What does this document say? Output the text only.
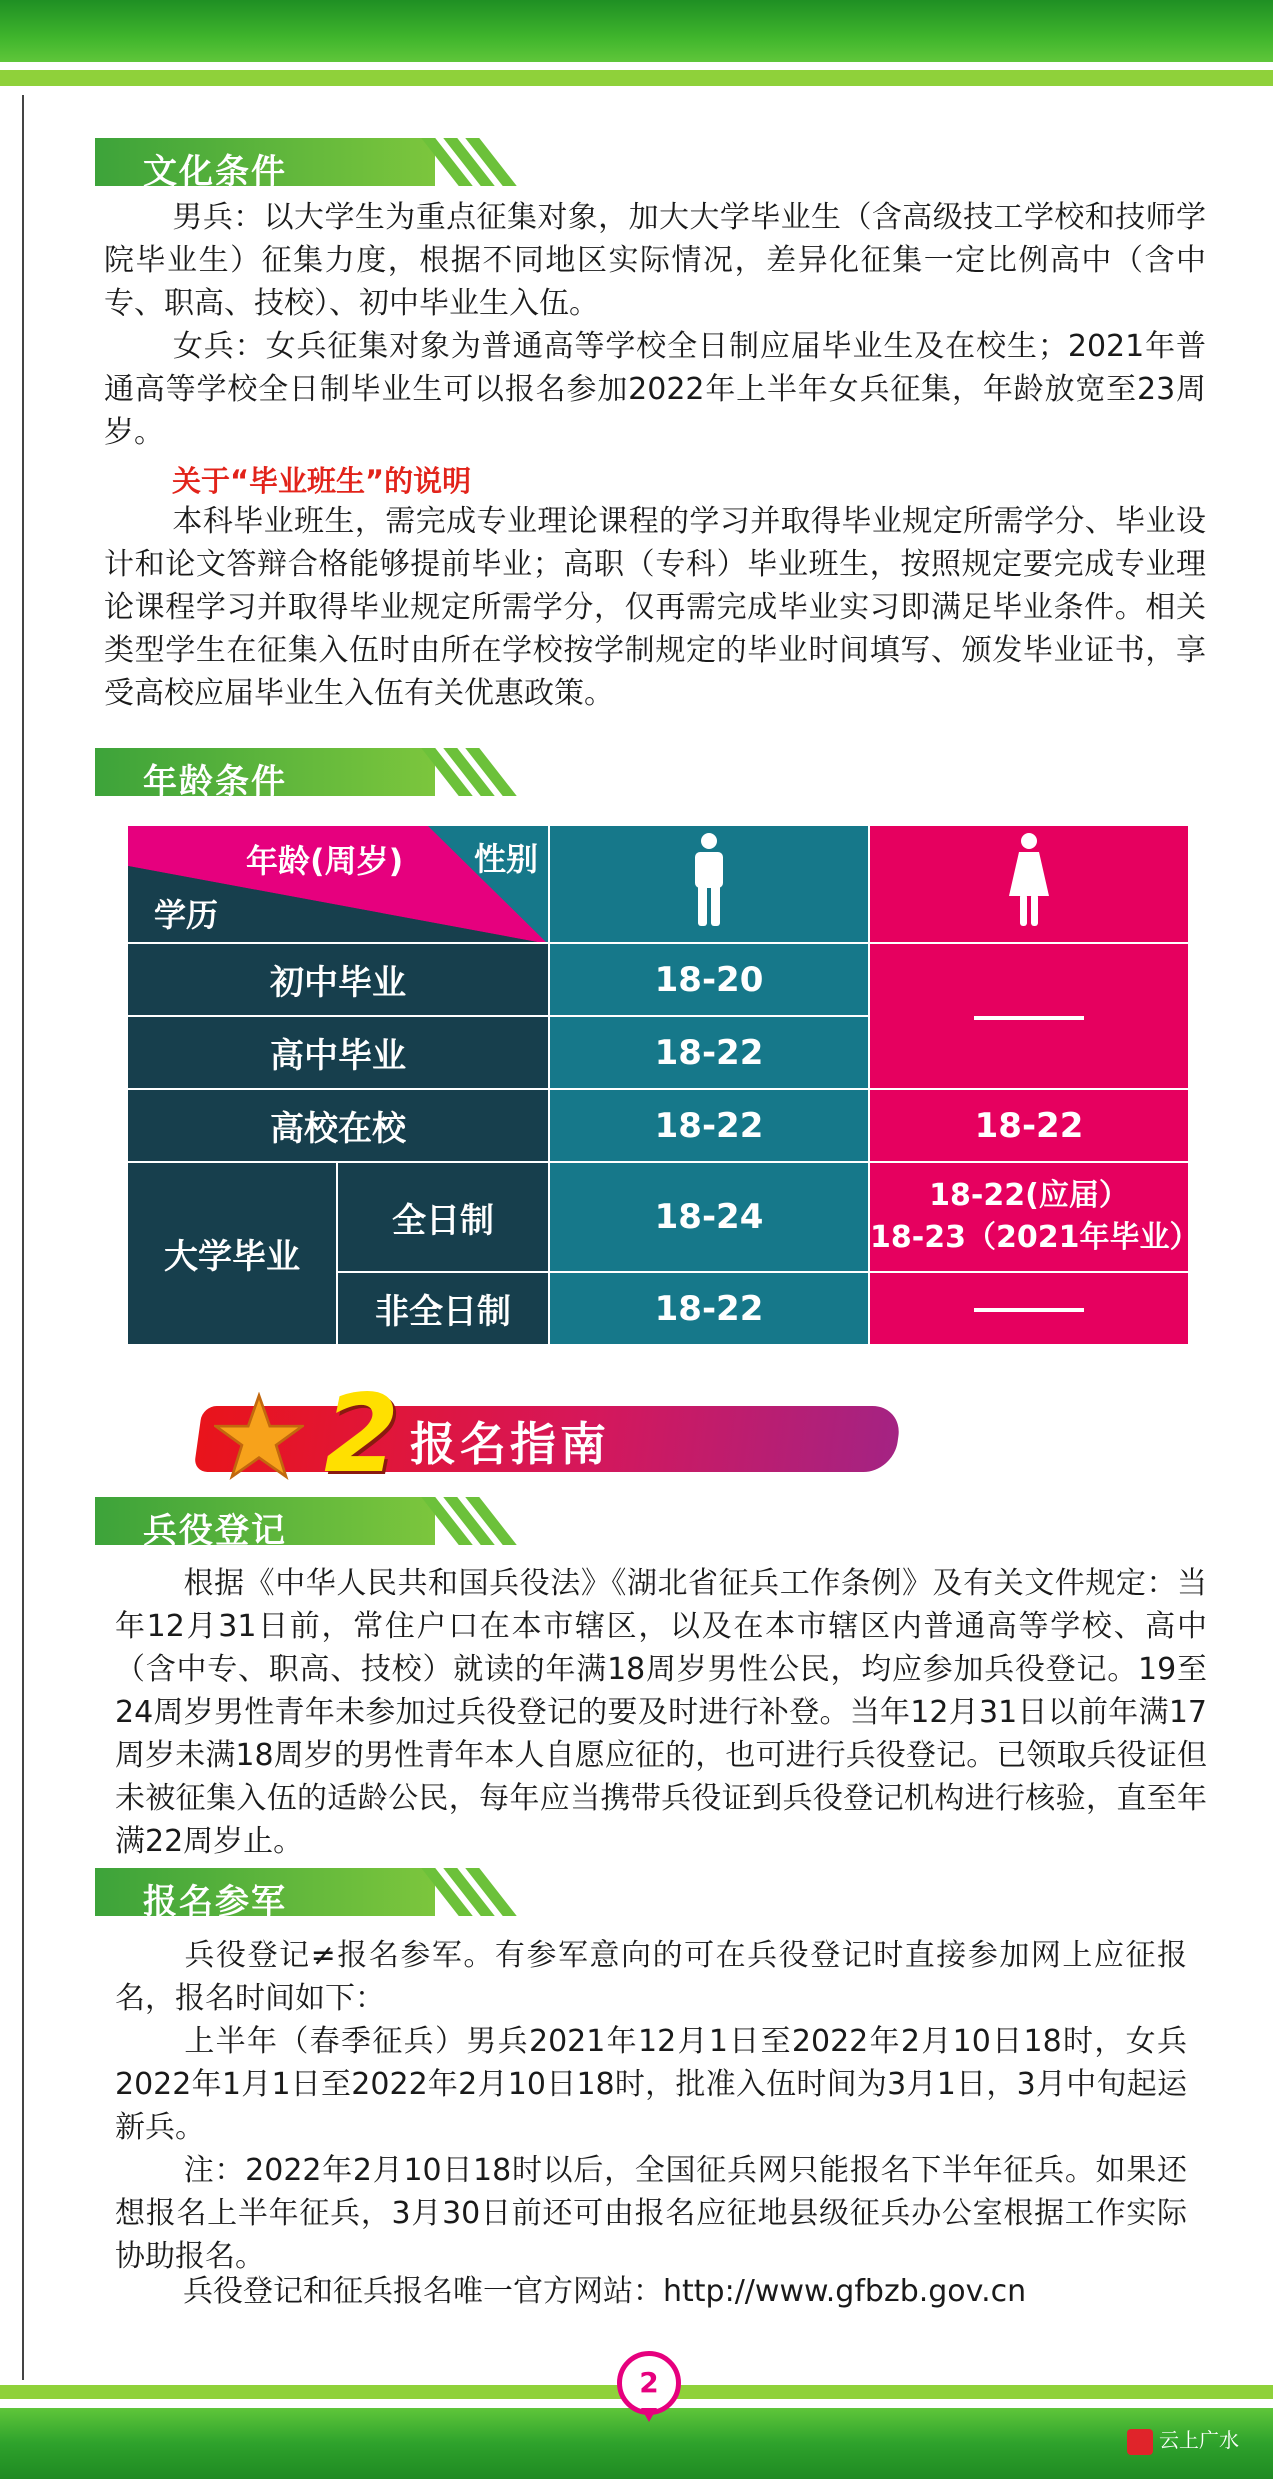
文化条件

男兵：以大学生为重点征集对象，加大大学毕业生（含高级技工学校和技师学院毕业生）征集力度，根据不同地区实际情况，差异化征集一定比例高中（含中专、职高、技校）、初中毕业生入伍。

女兵：女兵征集对象为普通高等学校全日制应届毕业生及在校生；2021年普通高等学校全日制毕业生可以报名参加2022年上半年女兵征集，年龄放宽至23周岁。

关于“毕业班生”的说明

本科毕业班生，需完成专业理论课程的学习并取得毕业规定所需学分、毕业设计和论文答辩合格能够提前毕业；高职（专科）毕业班生，按照规定要完成专业理论课程学习并取得毕业规定所需学分，仅再需完成毕业实习即满足毕业条件。相关类型学生在征集入伍时由所在学校按学制规定的毕业时间填写、颁发毕业证书，享受高校应届毕业生入伍有关优惠政策。

年龄条件
年龄(周岁) 性别
学历

初中毕业		18-20	
高中毕业		18-22	
高校在校		18-22	18-22
大学毕业	全日制	18-24	18-22(应届）
18-23（2021年毕业）

	非全日制	18-22	
2 报名指南
兵役登记

根据《中华人民共和国兵役法》《湖北省征兵工作条例》及有关文件规定：当年12月31日前，常住户口在本市辖区，以及在本市辖区内普通高等学校、高中（含中专、职高、技校）就读的年满18周岁男性公民，均应参加兵役登记。19至24周岁男性青年未参加过兵役登记的要及时进行补登。当年12月31日以前年满17周岁未满18周岁的男性青年本人自愿应征的，也可进行兵役登记。已领取兵役证但未被征集入伍的适龄公民，每年应当携带兵役证到兵役登记机构进行核验，直至年满22周岁止。

报名参军

兵役登记≠报名参军。有参军意向的可在兵役登记时直接参加网上应征报名，报名时间如下：

上半年（春季征兵）男兵2021年12月1日至2022年2月10日18时，女兵2022年1月1日至2022年2月10日18时，批准入伍时间为3月1日，3月中旬起运新兵。

注：2022年2月10日18时以后，全国征兵网只能报名下半年征兵。如果还想报名上半年征兵，3月30日前还可由报名应征地县级征兵办公室根据工作实际协助报名。

兵役登记和征兵报名唯一官方网站：http://www.gfbzb.gov.cn

2
云上广水
